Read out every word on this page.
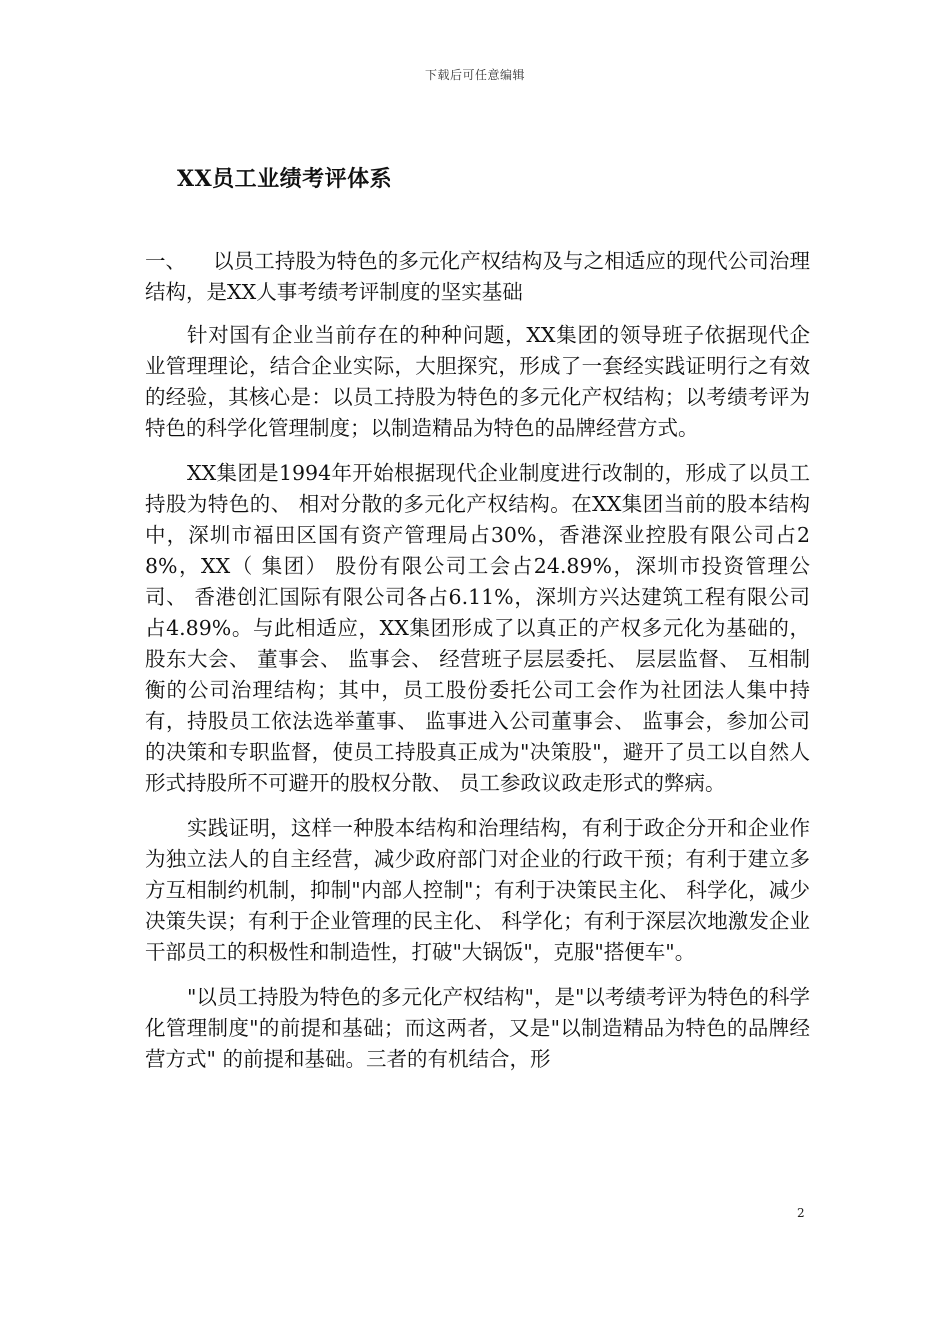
下载后可任意编辑
XX员工业绩考评体系

一、 以员工持股为特色的多元化产权结构及与之相适应的现代公司治理结构，是XX人事考绩考评制度的坚实基础

针对国有企业当前存在的种种问题，XX集团的领导班子依据现代企业管理理论，结合企业实际，大胆探究，形成了一套经实践证明行之有效的经验，其核心是：以员工持股为特色的多元化产权结构；以考绩考评为特色的科学化管理制度；以制造精品为特色的品牌经营方式。

XX集团是1994年开始根据现代企业制度进行改制的，形成了以员工持股为特色的、 相对分散的多元化产权结构。在XX集团当前的股本结构中，深圳市福田区国有资产管理局占30%，香港深业控股有限公司占28%，XX（ 集团） 股份有限公司工会占24.89%，深圳市投资管理公司、 香港创汇国际有限公司各占6.11%，深圳方兴达建筑工程有限公司占4.89%。与此相适应，XX集团形成了以真正的产权多元化为基础的，股东大会、 董事会、 监事会、 经营班子层层委托、 层层监督、 互相制衡的公司治理结构；其中，员工股份委托公司工会作为社团法人集中持有，持股员工依法选举董事、 监事进入公司董事会、 监事会，参加公司的决策和专职监督，使员工持股真正成为"决策股"，避开了员工以自然人形式持股所不可避开的股权分散、 员工参政议政走形式的弊病。

实践证明，这样一种股本结构和治理结构，有利于政企分开和企业作为独立法人的自主经营，减少政府部门对企业的行政干预；有利于建立多方互相制约机制，抑制"内部人控制"；有利于决策民主化、 科学化，减少决策失误；有利于企业管理的民主化、 科学化；有利于深层次地激发企业干部员工的积极性和制造性，打破"大锅饭"，克服"搭便车"。

"以员工持股为特色的多元化产权结构"，是"以考绩考评为特色的科学化管理制度"的前提和基础；而这两者，又是"以制造精品为特色的品牌经营方式" 的前提和基础。三者的有机结合，形

2
